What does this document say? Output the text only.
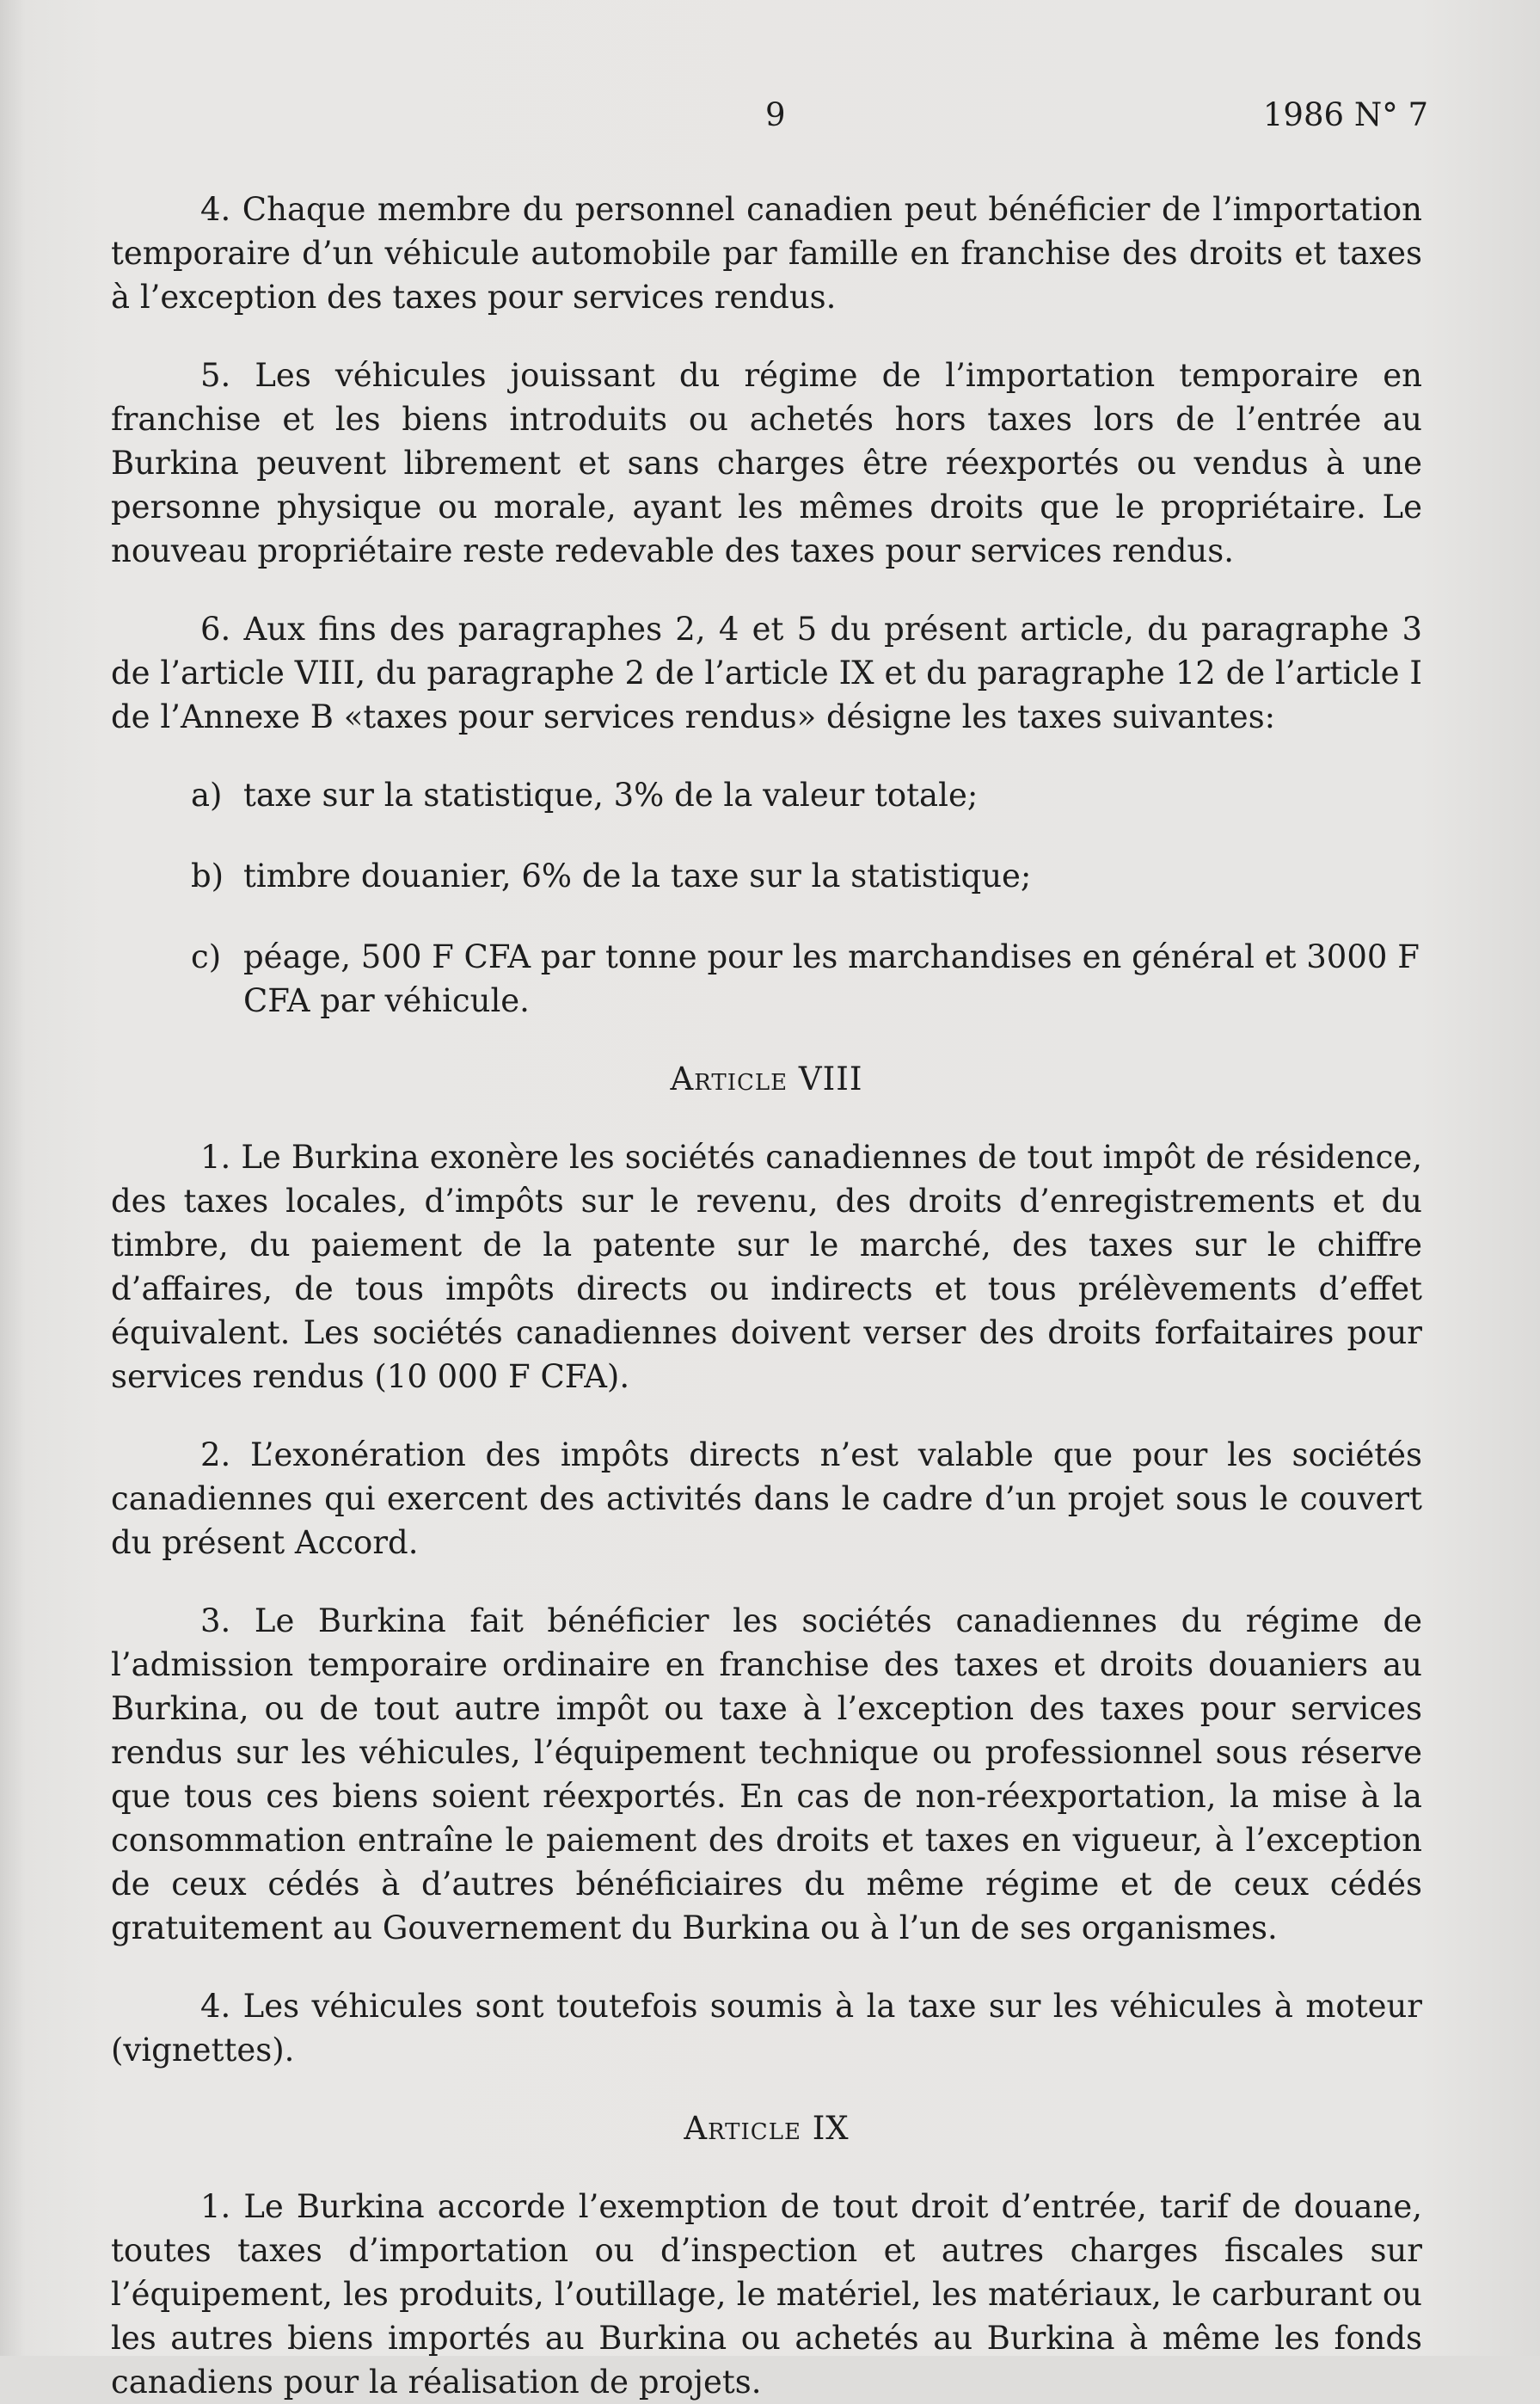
9	1986 N° 7

4. Chaque membre du personnel canadien peut bénéficier de l’importation temporaire d’un véhicule automobile par famille en franchise des droits et taxes à l’exception des taxes pour services rendus.

5. Les véhicules jouissant du régime de l’importation temporaire en franchise et les biens introduits ou achetés hors taxes lors de l’entrée au Burkina peuvent librement et sans charges être réexportés ou vendus à une personne physique ou morale, ayant les mêmes droits que le propriétaire. Le nouveau propriétaire reste redevable des taxes pour services rendus.

6. Aux fins des paragraphes 2, 4 et 5 du présent article, du paragraphe 3 de l’article VIII, du paragraphe 2 de l’article IX et du paragraphe 12 de l’article I de l’Annexe B «taxes pour services rendus» désigne les taxes suivantes:

a) taxe sur la statistique, 3% de la valeur totale;
b) timbre douanier, 6% de la taxe sur la statistique;
c) péage, 500 F CFA par tonne pour les marchandises en général et 3000 F CFA par véhicule.

Article VIII

1. Le Burkina exonère les sociétés canadiennes de tout impôt de résidence, des taxes locales, d’impôts sur le revenu, des droits d’enregistrements et du timbre, du paiement de la patente sur le marché, des taxes sur le chiffre d’affaires, de tous impôts directs ou indirects et tous prélèvements d’effet équivalent. Les sociétés canadiennes doivent verser des droits forfaitaires pour services rendus (10 000 F CFA).

2. L’exonération des impôts directs n’est valable que pour les sociétés canadiennes qui exercent des activités dans le cadre d’un projet sous le couvert du présent Accord.

3. Le Burkina fait bénéficier les sociétés canadiennes du régime de l’admission temporaire ordinaire en franchise des taxes et droits douaniers au Burkina, ou de tout autre impôt ou taxe à l’exception des taxes pour services rendus sur les véhicules, l’équipement technique ou professionnel sous réserve que tous ces biens soient réexportés. En cas de non-réexportation, la mise à la consommation entraîne le paiement des droits et taxes en vigueur, à l’exception de ceux cédés à d’autres bénéficiaires du même régime et de ceux cédés gratuitement au Gouvernement du Burkina ou à l’un de ses organismes.

4. Les véhicules sont toutefois soumis à la taxe sur les véhicules à moteur (vignettes).

Article IX

1. Le Burkina accorde l’exemption de tout droit d’entrée, tarif de douane, toutes taxes d’importation ou d’inspection et autres charges fiscales sur l’équipement, les produits, l’outillage, le matériel, les matériaux, le carburant ou les autres biens importés au Burkina ou achetés au Burkina à même les fonds canadiens pour la réalisation de projets.
